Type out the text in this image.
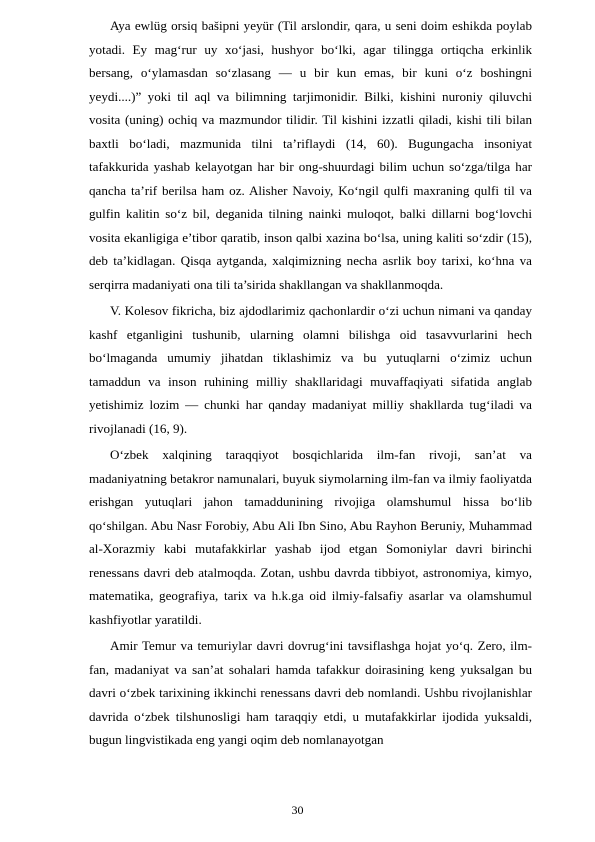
Aya ewlüg orsiq bašipni yeyür (Til arslondir, qara, u seni doim eshikda poylab yotadi. Ey mag‘rur uy xo‘jasi, hushyor bo‘lki, agar tilingga ortiqcha erkinlik bersang, o‘ylamasdan so‘zlasang — u bir kun emas, bir kuni o‘z boshingni yeydi....)” yoki til aql va bilimning tarjimonidir. Bilki, kishini nuroniy qiluvchi vosita (uning) ochiq va mazmundor tilidir. Til kishini izzatli qiladi, kishi tili bilan baxtli bo‘ladi, mazmunida tilni ta’riflaydi (14, 60). Bugungacha insoniyat tafakkurida yashab kelayotgan har bir ong-shuurdagi bilim uchun so‘zga/tilga har qancha ta’rif berilsa ham oz. Alisher Navoiy, Ko‘ngil qulfi maxraning qulfi til va gulfin kalitin so‘z bil, deganida tilning nainki muloqot, balki dillarni bog‘lovchi vosita ekanligiga e’tibor qaratib, inson qalbi xazina bo‘lsa, uning kaliti so‘zdir (15), deb ta’kidlagan. Qisqa aytganda, xalqimizning necha asrlik boy tarixi, ko‘hna va serqirra madaniyati ona tili ta’sirida shakllangan va shakllanmoqda.

V. Kolesov fikricha, biz ajdodlarimiz qachonlardir o‘zi uchun nimani va qanday kashf etganligini tushunib, ularning olamni bilishga oid tasavvurlarini hech bo‘lmaganda umumiy jihatdan tiklashimiz va bu yutuqlarni o‘zimiz uchun tamaddun va inson ruhining milliy shakllaridagi muvaffaqiyati sifatida anglab yetishimiz lozim — chunki har qanday madaniyat milliy shakllarda tug‘iladi va rivojlanadi (16, 9).

O‘zbek xalqining taraqqiyot bosqichlarida ilm-fan rivoji, san’at va madaniyatning betakror namunalari, buyuk siymolarning ilm-fan va ilmiy faoliyatda erishgan yutuqlari jahon tamaddunining rivojiga olamshumul hissa bo‘lib qo‘shilgan. Abu Nasr Forobiy, Abu Ali Ibn Sino, Abu Rayhon Beruniy, Muhammad al-Xorazmiy kabi mutafakkirlar yashab ijod etgan Somoniylar davri birinchi renessans davri deb atalmoqda. Zotan, ushbu davrda tibbiyot, astronomiya, kimyo, matematika, geografiya, tarix va h.k.ga oid ilmiy-falsafiy asarlar va olamshumul kashfiyotlar yaratildi.

Amir Temur va temuriylar davri dovrug‘ini tavsiflashga hojat yo‘q. Zero, ilm-fan, madaniyat va san’at sohalari hamda tafakkur doirasining keng yuksalgan bu davri o‘zbek tarixining ikkinchi renessans davri deb nomlandi. Ushbu rivojlanishlar davrida o‘zbek tilshunosligi ham taraqqiy etdi, u mutafakkirlar ijodida yuksaldi, bugun lingvistikada eng yangi oqim deb nomlanayotgan

30
